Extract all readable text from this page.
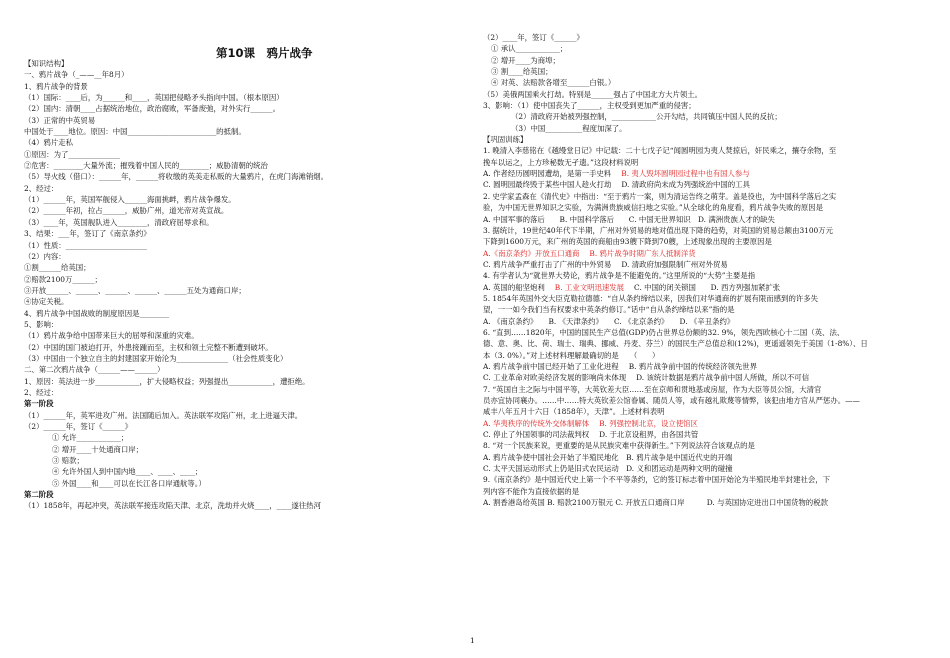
第10课　鸦片战争
【知识结构】
一、鸦片战争（_——__年8月）
1、鸦片战争的背景
（1）国际：____后，为______和____，英国把侵略矛头指向中国。（根本原因）
（2）国内：清朝____占据统治地位，政治腐败，军备废弛，对外实行______。
（3）正常的中英贸易
中国处于____地位。原因：中国________________________的抵制。
（4）鸦片走私
①原因：为了______________
②危害：________大量外流；摧残着中国人民的________；威胁清朝的统治
（5）导火线（借口）：______年，______将收缴的英美走私贩的大量鸦片，在虎门海滩销烟。
2、经过：
（1）______年，英国军舰侵入______海面挑衅，鸦片战争爆发。
（2）______年初，拉占______，威胁广州，道光帝对英宣战。
（3）____年，英国舰队进入________，清政府屈辱求和。
3、结果：___年，签订了《南京条约》
（1）性质：______________________
（2）内容：
①割______给英国；
②赔款2100万______；
③开放______、______、______、______、______五处为通商口岸；
④协定关税。
4、鸦片战争中国战败的制度原因是________
5、影响：
（1）鸦片战争给中国带来巨大的屈辱和深重的灾难。
（2）中国的国门被迫打开，外患接踵而至，主权和领土完整不断遭到破坏。
（3）中国由一个独立自主的封建国家开始沦为______________（社会性质变化）
二、第二次鸦片战争（______——______）
1、原因：英法进一步____________，扩大侵略权益；列强提出____________，遭拒绝。
2、经过：
第一阶段
（1）______年，英军进攻广州。法国随后加入。英法联军攻陷广州，北上进逼天津。
（2）______年，签订《______》
① 允许____________；
② 增开____十处通商口岸；
③ 赔款；
④ 允许外国人到中国内地____、____、____；
⑤ 外国____和____可以在长江各口岸通航等。）
第二阶段
（1）1858年，再起冲突，英法联军接连攻陷天津、北京，洗劫并火烧____，____遂往热河
（2）____年，签订《______》
① 承认____________；
② 增开____为商埠；
③ 割____给英国；
④ 对英、法赔款各增至______白银。）
（5）美俄两国乘火打劫。特别是______强占了中国北方大片领土。
3、影响：（1）使中国丧失了______，主权受到更加严重的侵害；
（2）清政府开始被列强控制，____________公开勾结，共同镇压中国人民的反抗；
（3）中国__________程度加深了。
【巩固训练】
1. 晚清入李慈铭在《越缦堂日记》中记载：二十七戊子记“闻圆明园为夷人焚掠后，奸民乘之，攘夺余物，至
挽车以运之，上方珍秘数无孑遗。”这段材料说明
A. 作者经历圆明园遭劫，是第一手史料 B. 夷人毁坏圆明园过程中也有国人参与
C. 圆明园最终毁于某些中国人趁火打劫 D. 清政府尚未成为列强统治中国的工具
2. 史学家孟森在《清代史》中指出：“至于鸦片一案，则为清运告终之萌芽。盖是役也，为中国科学落后之实
验，为中国无世界知识之实验，为满洲贵族威信扫地之实验。”从全球化的角度看，鸦片战争失败的原因是
A. 中国军事的落后　　B. 中国科学落后　　C. 中国无世界知识　D. 满洲贵族人才的缺失
3. 据统计，19世纪40年代下半期，广州对外贸易的地对值出现下降的趋势，对英国的贸易总额由3100万元
下降到1600万元，来广州的英国的商船由93艘下降到70艘，上述现象出现的主要原因是
A.《南京条约》开放五口通商 B. 鸦片战争时期广东人抵制洋货
C. 鸦片战争严重打击了广州的中外贸易 D. 清政府加强限制广州对外贸易
4. 有学者认为“就世界大势论，鸦片战争是不能避免的。”这里所说的“大势”主要是指
A. 英国的船坚炮利 B. 工业文明迅速发展 C. 中国的闭关锁国　　D. 西方列强加紧扩张
5. 1854年英国外交大臣克勒拉德德：“自从条约缔结以来，因我们对华通商的扩展有限而感到的许多失
望，一一如今我们当有权要求中英条约修订。”话中“自从条约缔结以来”指的是
A. 《南京条约》　　B. 《天津条约》　　C. 《北京条约》　　D. 《辛丑条约》
6. “直到……1820年，中国的国民生产总值(GDP)仍占世界总份额的32. 9%，领先西欧核心十二国（英、法、
德、意、奥、比、荷、瑞士、瑞典、挪威、丹麦、芬兰）的国民生产总值总和(12%)，更遥遥领先于美国（1-8%）、日
本（3. 0%）。”对上述材料理解最确切的是　　（　　）
A. 鸦片战争前中国已经开始了工业化进程 B. 鸦片战争前中国的传统经济领先世界
C. 工业革命对欧美经济发展的影响尚未体现 D. 该统计数据是鸦片战争前中国人所做，所以不可信
7. “英国自主之际与中国平等，大英钦差大臣……至在京师和贯地基或房屋，作为大臣等员公馆，大清官
员亦宜协同襄办。……中……特大英钦差公馆眷属、随员人等，或有越礼欺蔑等情弊，该犯由地方官从严惩办。——
咸丰八年五月十六日（1858年），天津”。上述材料表明
A. 华夷秩序的传统外交体制解体 B. 列强控制北京，设立使馆区
C. 停止了外国领事的司法裁判权 D. 于北京设租界，由各国共管
8. “对一个民族来说，更重要的是从民族灾难中获得新生。”下列说法符合该观点的是
A. 鸦片战争使中国社会开始了半殖民地化　B. 鸦片战争是中国近代史的开端
C. 太平天国运动形式上仍是旧式农民运动　D. 义和团运动是两种文明的碰撞
9.《南京条约》是中国近代史上第一个不平等条约，它的签订标志着中国开始沦为半殖民地半封建社会，下
列内容不能作为直接依据的是
A. 割香港岛给英国 B. 赔款2100万银元 C. 开放五口通商口岸　　　D. 与英国协定进出口中国货物的税款
1
